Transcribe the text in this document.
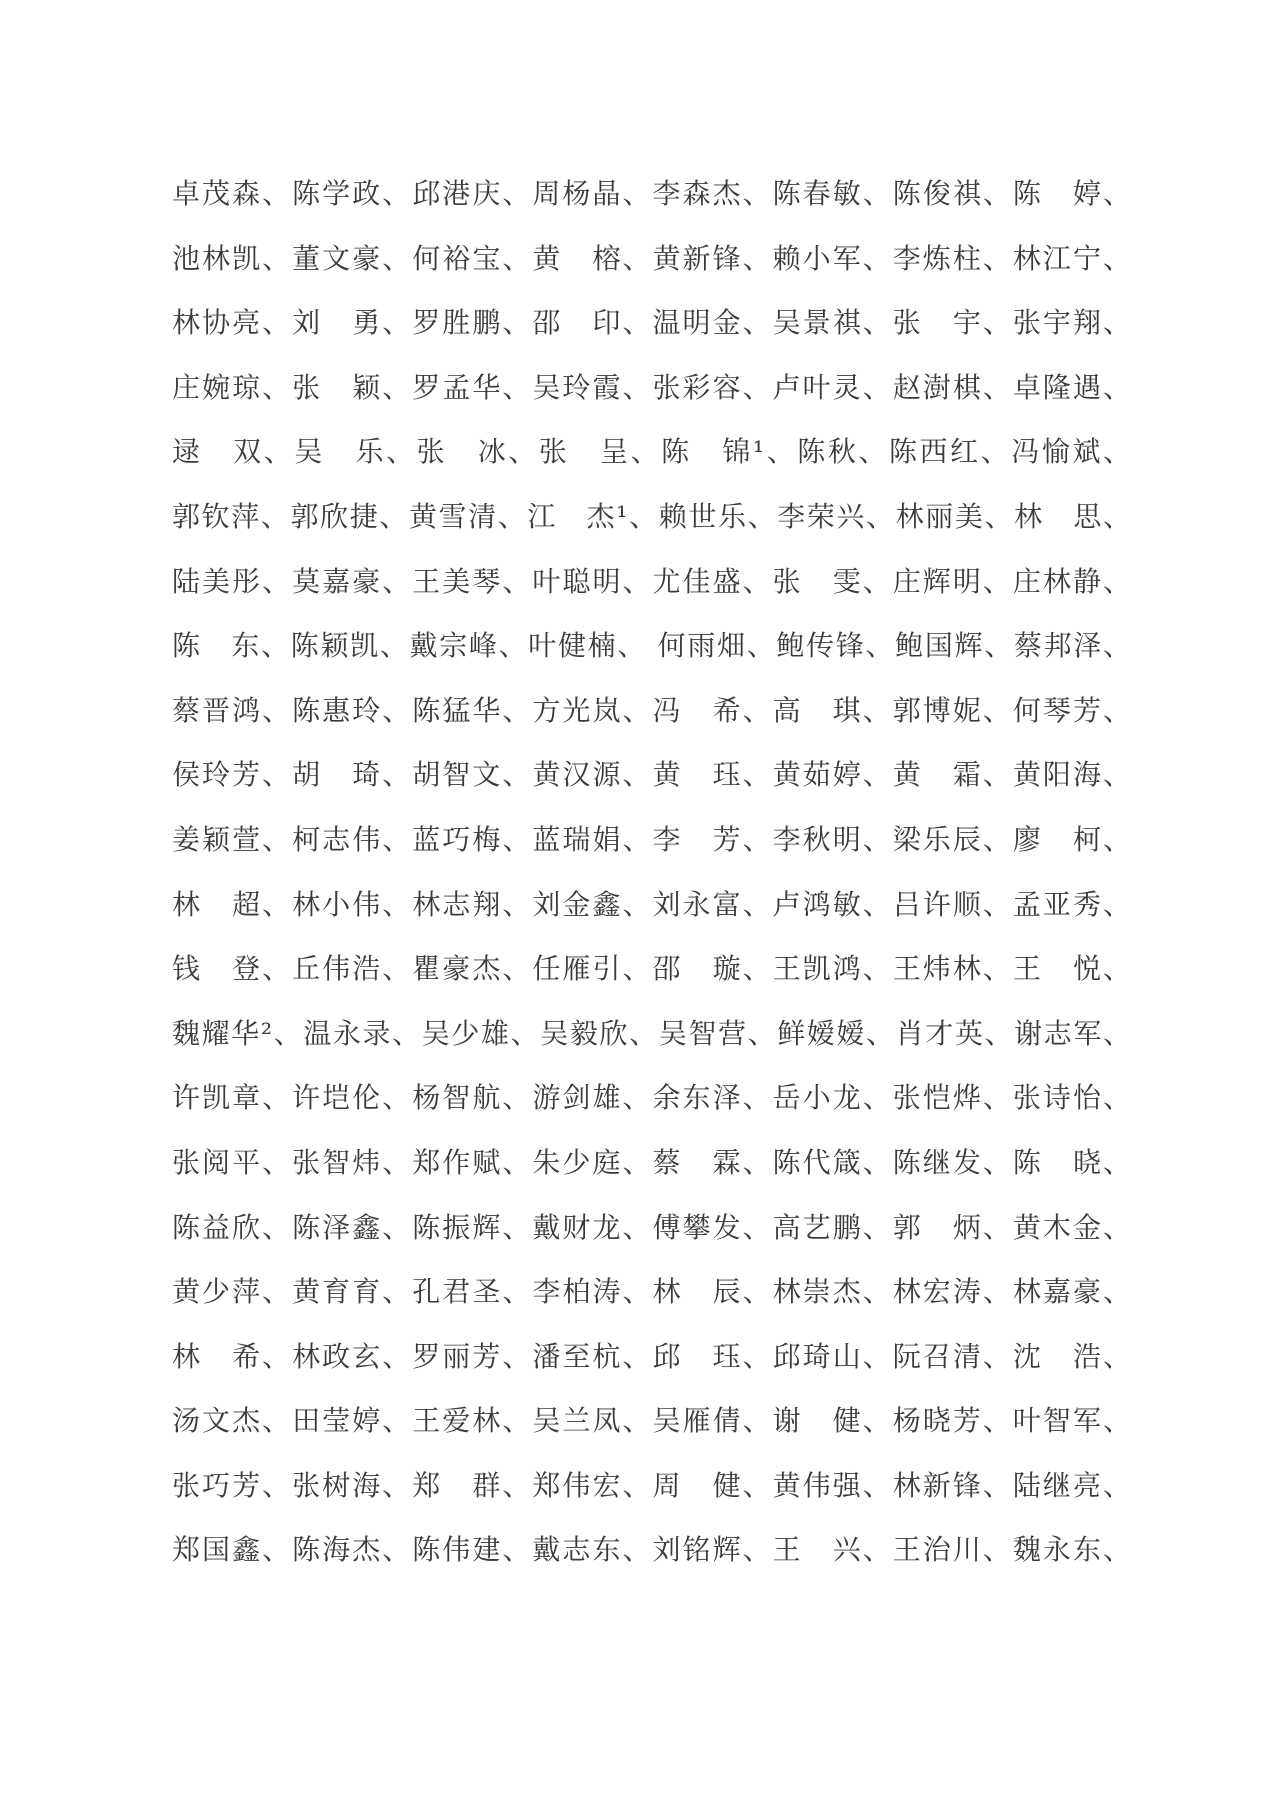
卓茂森、陈学政、邱港庆、周杨晶、李森杰、陈春敏、陈俊祺、陈　婷、
池林凯、董文豪、何裕宝、黄　榕、黄新锋、赖小军、李炼柱、林江宁、
林协亮、刘　勇、罗胜鹏、邵　印、温明金、吴景祺、张　宇、张宇翔、
庄婉琼、张　颖、罗孟华、吴玲霞、张彩容、卢叶灵、赵澍棋、卓隆遇、
逯　双、吴　乐、张　冰、张　呈、陈　锦¹、陈秋、陈西红、冯愉斌、
郭钦萍、郭欣捷、黄雪清、江　杰¹、赖世乐、李荣兴、林丽美、林　思、
陆美彤、莫嘉豪、王美琴、叶聪明、尤佳盛、张　雯、庄辉明、庄林静、
陈　东、陈颖凯、戴宗峰、叶健楠、 何雨畑、鲍传锋、鲍国辉、蔡邦泽、
蔡晋鸿、陈惠玲、陈猛华、方光岚、冯　希、高　琪、郭博妮、何琴芳、
侯玲芳、胡　琦、胡智文、黄汉源、黄　珏、黄茹婷、黄　霜、黄阳海、
姜颖萱、柯志伟、蓝巧梅、蓝瑞娟、李　芳、李秋明、梁乐辰、廖　柯、
林　超、林小伟、林志翔、刘金鑫、刘永富、卢鸿敏、吕许顺、孟亚秀、
钱　登、丘伟浩、瞿豪杰、任雁引、邵　璇、王凯鸿、王炜林、王　悦、
魏耀华²、温永录、吴少雄、吴毅欣、吴智营、鲜嫒嫒、肖才英、谢志军、
许凯章、许垲伦、杨智航、游剑雄、余东泽、岳小龙、张恺烨、张诗怡、
张阅平、张智炜、郑作赋、朱少庭、蔡　霖、陈代箴、陈继发、陈　晓、
陈益欣、陈泽鑫、陈振辉、戴财龙、傅攀发、高艺鹏、郭　炳、黄木金、
黄少萍、黄育育、孔君圣、李柏涛、林　辰、林崇杰、林宏涛、林嘉豪、
林　希、林政玄、罗丽芳、潘至杭、邱　珏、邱琦山、阮召清、沈　浩、
汤文杰、田莹婷、王爱林、吴兰凤、吴雁倩、谢　健、杨晓芳、叶智军、
张巧芳、张树海、郑　群、郑伟宏、周　健、黄伟强、林新锋、陆继亮、
郑国鑫、陈海杰、陈伟建、戴志东、刘铭辉、王　兴、王治川、魏永东、
